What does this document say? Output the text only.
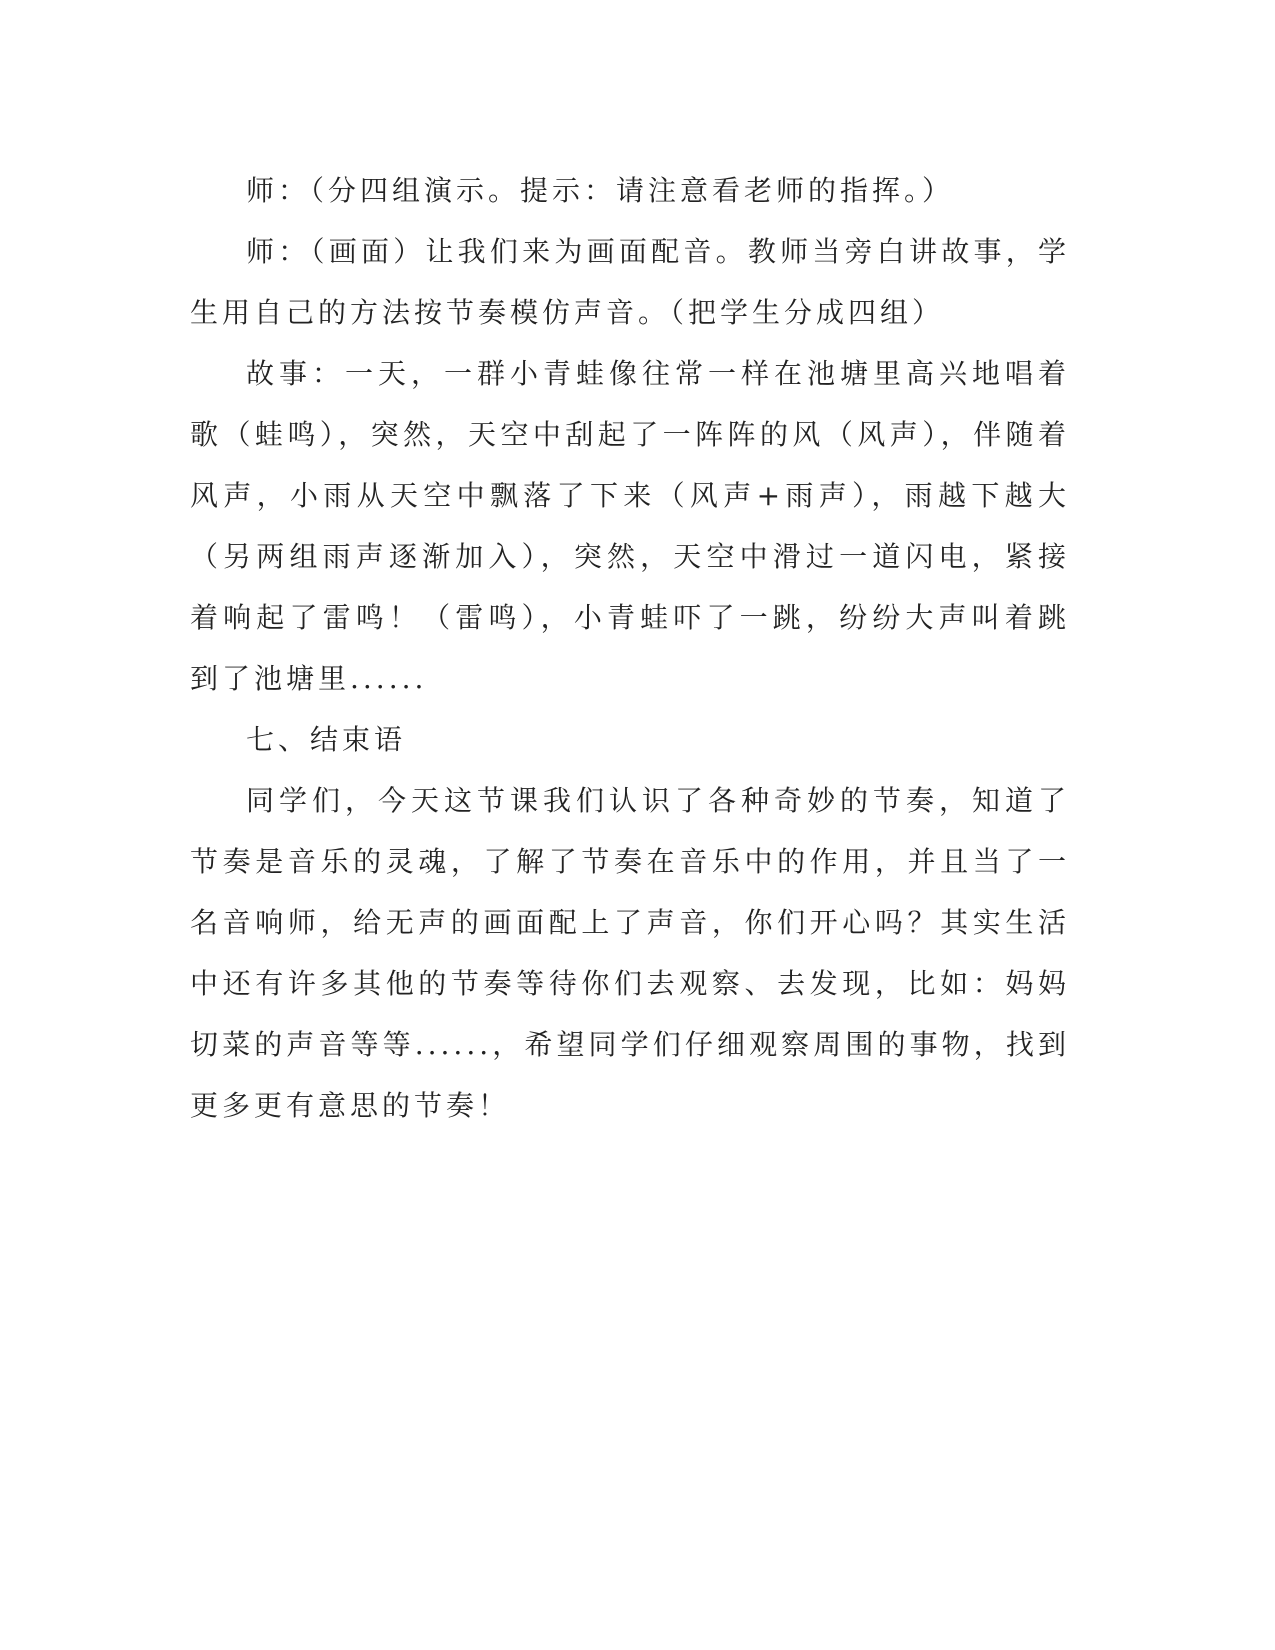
师：（分四组演示。提示：请注意看老师的指挥。）

师：（画面）让我们来为画面配音。教师当旁白讲故事，学生用自己的方法按节奏模仿声音。（把学生分成四组）

故事：一天，一群小青蛙像往常一样在池塘里高兴地唱着歌（蛙鸣），突然，天空中刮起了一阵阵的风（风声），伴随着风声，小雨从天空中飘落了下来（风声+雨声），雨越下越大（另两组雨声逐渐加入），突然，天空中滑过一道闪电，紧接着响起了雷鸣！（雷鸣），小青蛙吓了一跳，纷纷大声叫着跳到了池塘里......

七、结束语

同学们，今天这节课我们认识了各种奇妙的节奏，知道了节奏是音乐的灵魂，了解了节奏在音乐中的作用，并且当了一名音响师，给无声的画面配上了声音，你们开心吗？其实生活中还有许多其他的节奏等待你们去观察、去发现，比如：妈妈切菜的声音等等......，希望同学们仔细观察周围的事物，找到更多更有意思的节奏！
